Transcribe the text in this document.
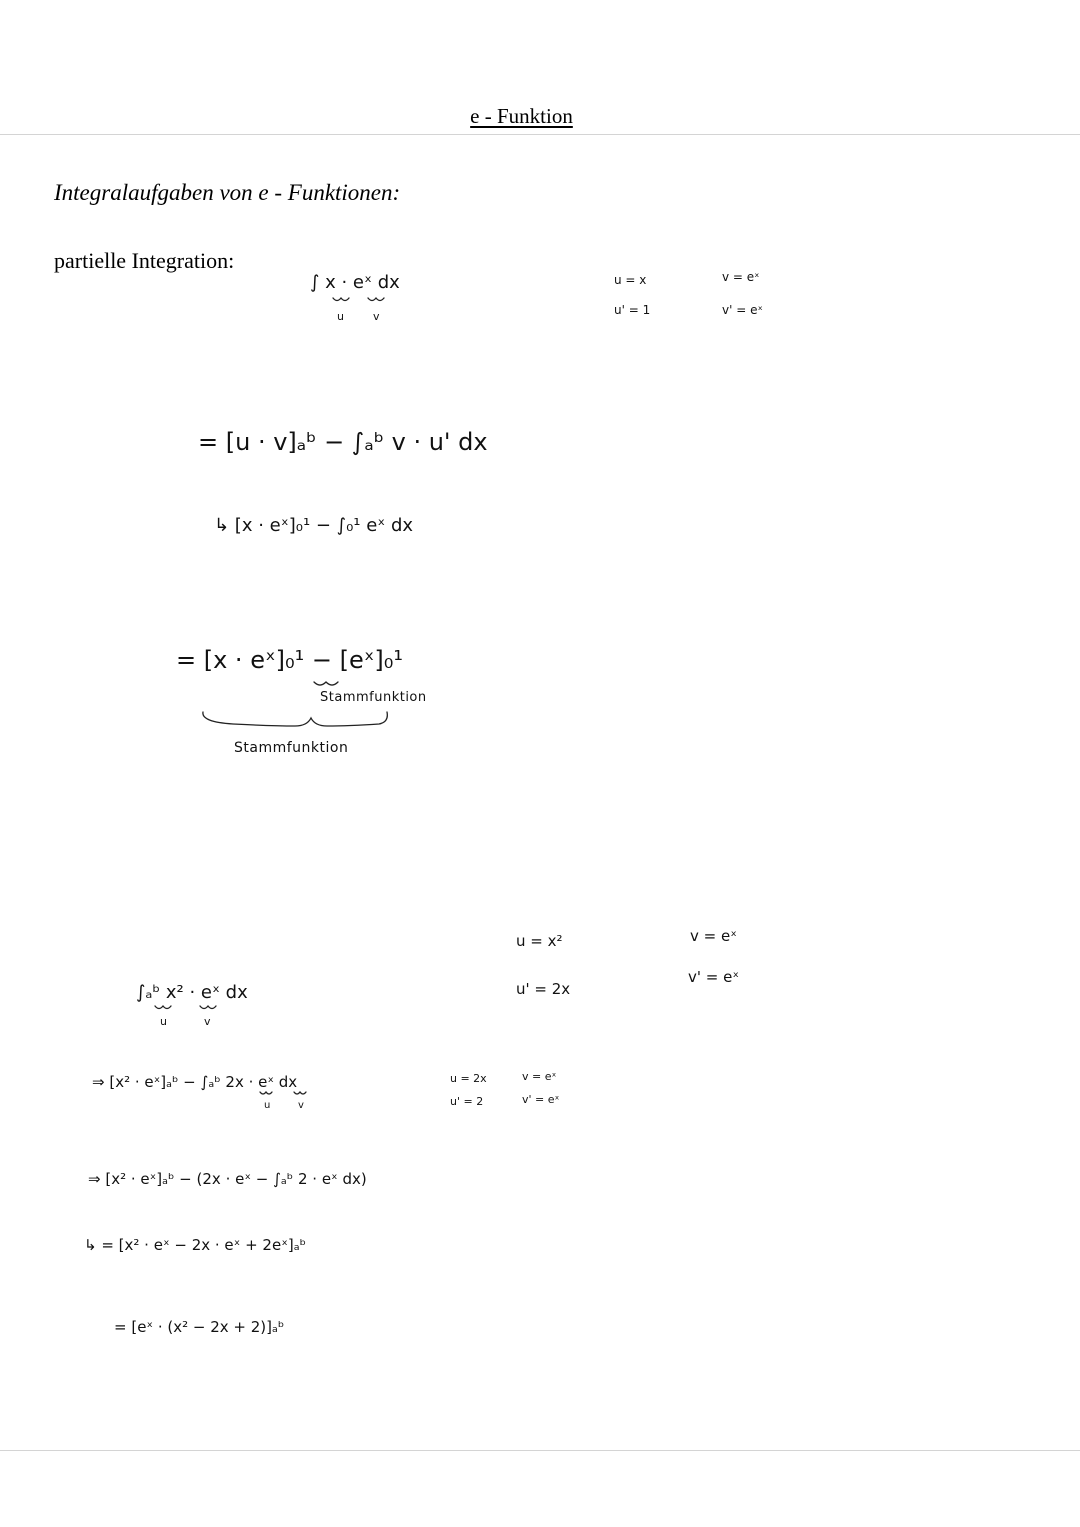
e - Funktion
Integralaufgaben von e - Funktionen:
partielle Integration:
∫ x · eˣ dx
u	v
u = x
u' = 1
v = eˣ
v' = eˣ
= [u · v]ₐᵇ − ∫ₐᵇ v · u' dx
↳ [x · eˣ]₀¹ − ∫₀¹ eˣ dx
= [x · eˣ]₀¹ − [eˣ]₀¹
Stammfunktion
Stammfunktion
∫ₐᵇ x² · eˣ dx
u	v
u = x²
u' = 2x
v = eˣ
v' = eˣ
⇒ [x² · eˣ]ₐᵇ − ∫ₐᵇ 2x · eˣ dx
u	v
u = 2x
u' = 2
v = eˣ
v' = eˣ
⇒ [x² · eˣ]ₐᵇ − (2x · eˣ − ∫ₐᵇ 2 · eˣ dx)
↳ = [x² · eˣ − 2x · eˣ + 2eˣ]ₐᵇ
= [eˣ · (x² − 2x + 2)]ₐᵇ
